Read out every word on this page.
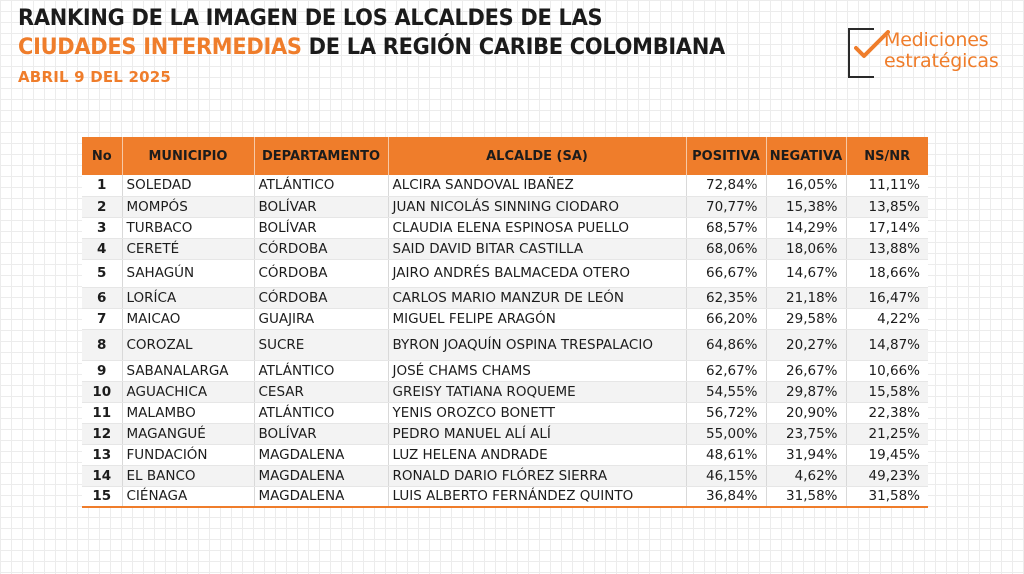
RANKING DE LA IMAGEN DE LOS ALCALDES DE LAS
CIUDADES INTERMEDIAS DE LA REGIÓN CARIBE COLOMBIANA
ABRIL 9 DEL 2025
Mediciones
estratégicas
No	MUNICIPIO	DEPARTAMENTO	ALCALDE (SA)	POSITIVA	NEGATIVA	NS/NR
1	SOLEDAD	ATLÁNTICO	ALCIRA SANDOVAL IBAÑEZ	72,84%	16,05%	11,11%
2	MOMPÓS	BOLÍVAR	JUAN NICOLÁS SINNING CIODARO	70,77%	15,38%	13,85%
3	TURBACO	BOLÍVAR	CLAUDIA ELENA ESPINOSA PUELLO	68,57%	14,29%	17,14%
4	CERETÉ	CÓRDOBA	SAID DAVID BITAR CASTILLA	68,06%	18,06%	13,88%
5	SAHAGÚN	CÓRDOBA	JAIRO ANDRÉS BALMACEDA OTERO	66,67%	14,67%	18,66%
6	LORÍCA	CÓRDOBA	CARLOS MARIO MANZUR DE LEÓN	62,35%	21,18%	16,47%
7	MAICAO	GUAJIRA	MIGUEL FELIPE ARAGÓN	66,20%	29,58%	4,22%
8	COROZAL	SUCRE	BYRON JOAQUÍN OSPINA TRESPALACIO	64,86%	20,27%	14,87%
9	SABANALARGA	ATLÁNTICO	JOSÉ CHAMS CHAMS	62,67%	26,67%	10,66%
10	AGUACHICA	CESAR	GREISY TATIANA ROQUEME	54,55%	29,87%	15,58%
11	MALAMBO	ATLÁNTICO	YENIS OROZCO BONETT	56,72%	20,90%	22,38%
12	MAGANGUÉ	BOLÍVAR	PEDRO MANUEL ALÍ ALÍ	55,00%	23,75%	21,25%
13	FUNDACIÓN	MAGDALENA	LUZ HELENA ANDRADE	48,61%	31,94%	19,45%
14	EL BANCO	MAGDALENA	RONALD DARIO FLÓREZ SIERRA	46,15%	4,62%	49,23%
15	CIÉNAGA	MAGDALENA	LUIS ALBERTO FERNÁNDEZ QUINTO	36,84%	31,58%	31,58%
